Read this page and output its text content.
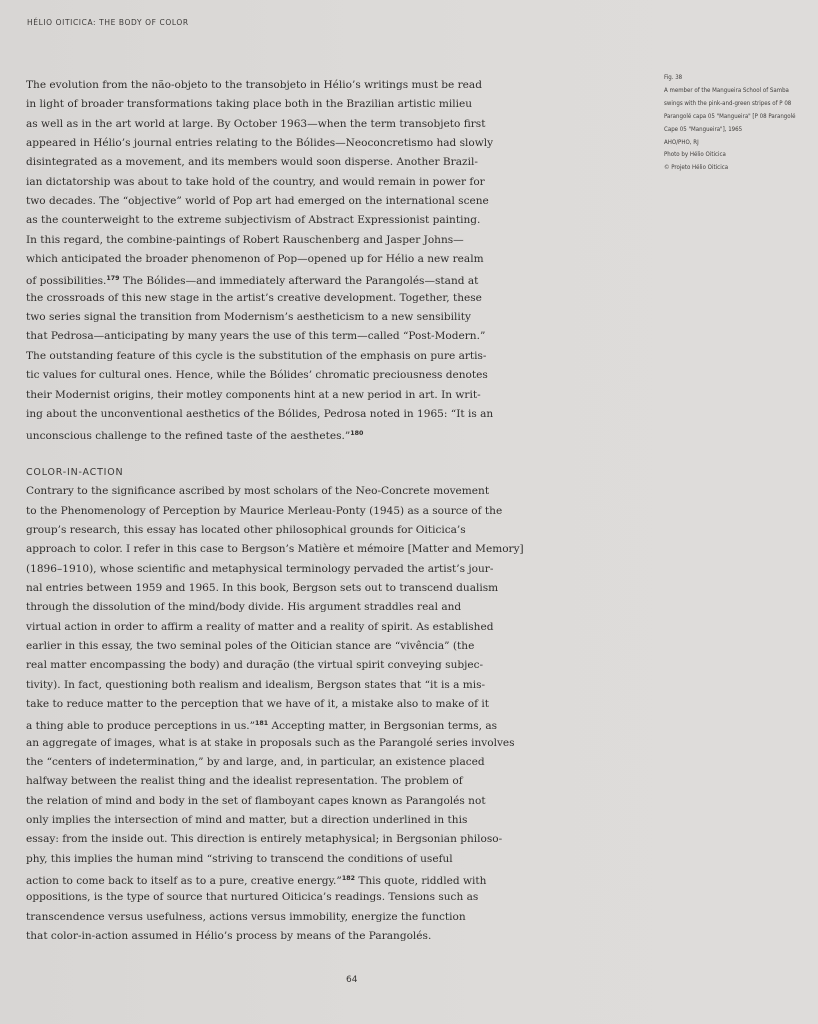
HÉLIO OITICICA: THE BODY OF COLOR
The evolution from the não-objeto to the transobjeto in Hélio’s writings must be read
in light of broader transformations taking place both in the Brazilian artistic milieu
as well as in the art world at large. By October 1963—when the term transobjeto first
appeared in Hélio’s journal entries relating to the Bólides—Neoconcretismo had slowly
disintegrated as a movement, and its members would soon disperse. Another Brazil-
ian dictatorship was about to take hold of the country, and would remain in power for
two decades. The “objective” world of Pop art had emerged on the international scene
as the counterweight to the extreme subjectivism of Abstract Expressionist painting.
In this regard, the combine-paintings of Robert Rauschenberg and Jasper Johns—
which anticipated the broader phenomenon of Pop—opened up for Hélio a new realm
of possibilities.$^{179}$ The Bólides—and immediately afterward the Parangolés—stand at
the crossroads of this new stage in the artist’s creative development. Together, these
two series signal the transition from Modernism’s aestheticism to a new sensibility
that Pedrosa—anticipating by many years the use of this term—called “Post-Modern.”
The outstanding feature of this cycle is the substitution of the emphasis on pure artis-
tic values for cultural ones. Hence, while the Bólides’ chromatic preciousness denotes
their Modernist origins, their motley components hint at a new period in art. In writ-
ing about the unconventional aesthetics of the Bólides, Pedrosa noted in 1965: “It is an
unconscious challenge to the refined taste of the aesthetes.”$^{180}$
COLOR-IN-ACTION
Contrary to the significance ascribed by most scholars of the Neo-Concrete movement
to the Phenomenology of Perception by Maurice Merleau-Ponty (1945) as a source of the
group’s research, this essay has located other philosophical grounds for Oiticica’s
approach to color. I refer in this case to Bergson’s Matière et mémoire [Matter and Memory]
(1896–1910), whose scientific and metaphysical terminology pervaded the artist’s jour-
nal entries between 1959 and 1965. In this book, Bergson sets out to transcend dualism
through the dissolution of the mind/body divide. His argument straddles real and
virtual action in order to affirm a reality of matter and a reality of spirit. As established
earlier in this essay, the two seminal poles of the Oitician stance are “vivência” (the
real matter encompassing the body) and duração (the virtual spirit conveying subjec-
tivity). In fact, questioning both realism and idealism, Bergson states that “it is a mis-
take to reduce matter to the perception that we have of it, a mistake also to make of it
a thing able to produce perceptions in us.”$^{181}$ Accepting matter, in Bergsonian terms, as
an aggregate of images, what is at stake in proposals such as the Parangolé series involves
the “centers of indetermination,” by and large, and, in particular, an existence placed
halfway between the realist thing and the idealist representation. The problem of
the relation of mind and body in the set of flamboyant capes known as Parangolés not
only implies the intersection of mind and matter, but a direction underlined in this
essay: from the inside out. This direction is entirely metaphysical; in Bergsonian philoso-
phy, this implies the human mind “striving to transcend the conditions of useful
action to come back to itself as to a pure, creative energy.”$^{182}$ This quote, riddled with
oppositions, is the type of source that nurtured Oiticica’s readings. Tensions such as
transcendence versus usefulness, actions versus immobility, energize the function
that color-in-action assumed in Hélio’s process by means of the Parangolés.
Fig. 38
A member of the Mangueira School of Samba
swings with the pink-and-green stripes of P 08
Parangolé capa 05 "Mangueira" [P 08 Parangolé
Cape 05 "Mangueira"], 1965
AHO/PHO, RJ
Photo by Hélio Oiticica
© Projeto Hélio Oiticica
64
